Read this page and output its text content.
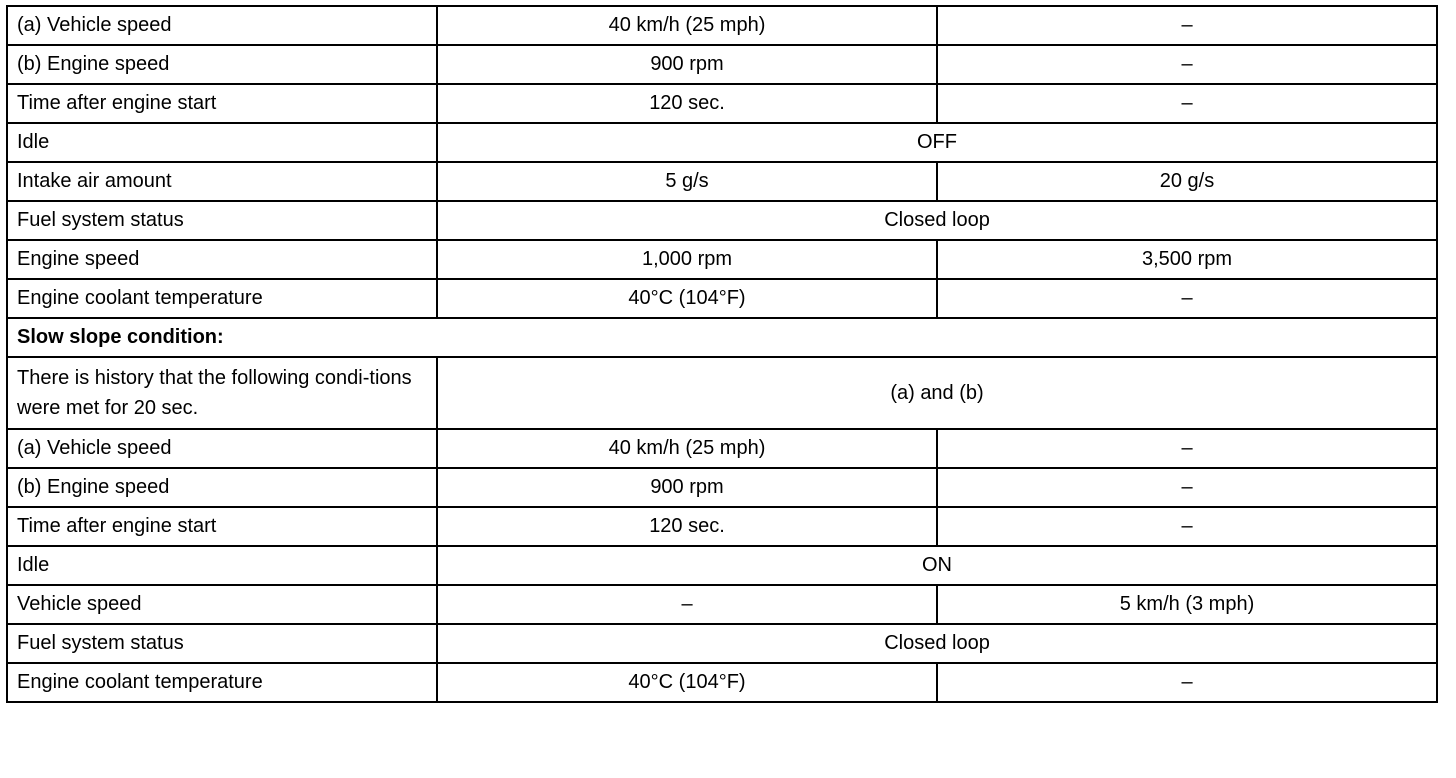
(a) Vehicle speed	40 km/h (25 mph)	–
(b) Engine speed	900 rpm	–
Time after engine start	120 sec.	–
Idle	OFF	
Intake air amount	5 g/s	20 g/s
Fuel system status	Closed loop	
Engine speed	1,000 rpm	3,500 rpm
Engine coolant temperature	40°C (104°F)	–
Slow slope condition:		
There is history that the following condi-tions were met for 20 sec.	(a) and (b)	
(a) Vehicle speed	40 km/h (25 mph)	–
(b) Engine speed	900 rpm	–
Time after engine start	120 sec.	–
Idle	ON	
Vehicle speed	–	5 km/h (3 mph)
Fuel system status	Closed loop	
Engine coolant temperature	40°C (104°F)	–
